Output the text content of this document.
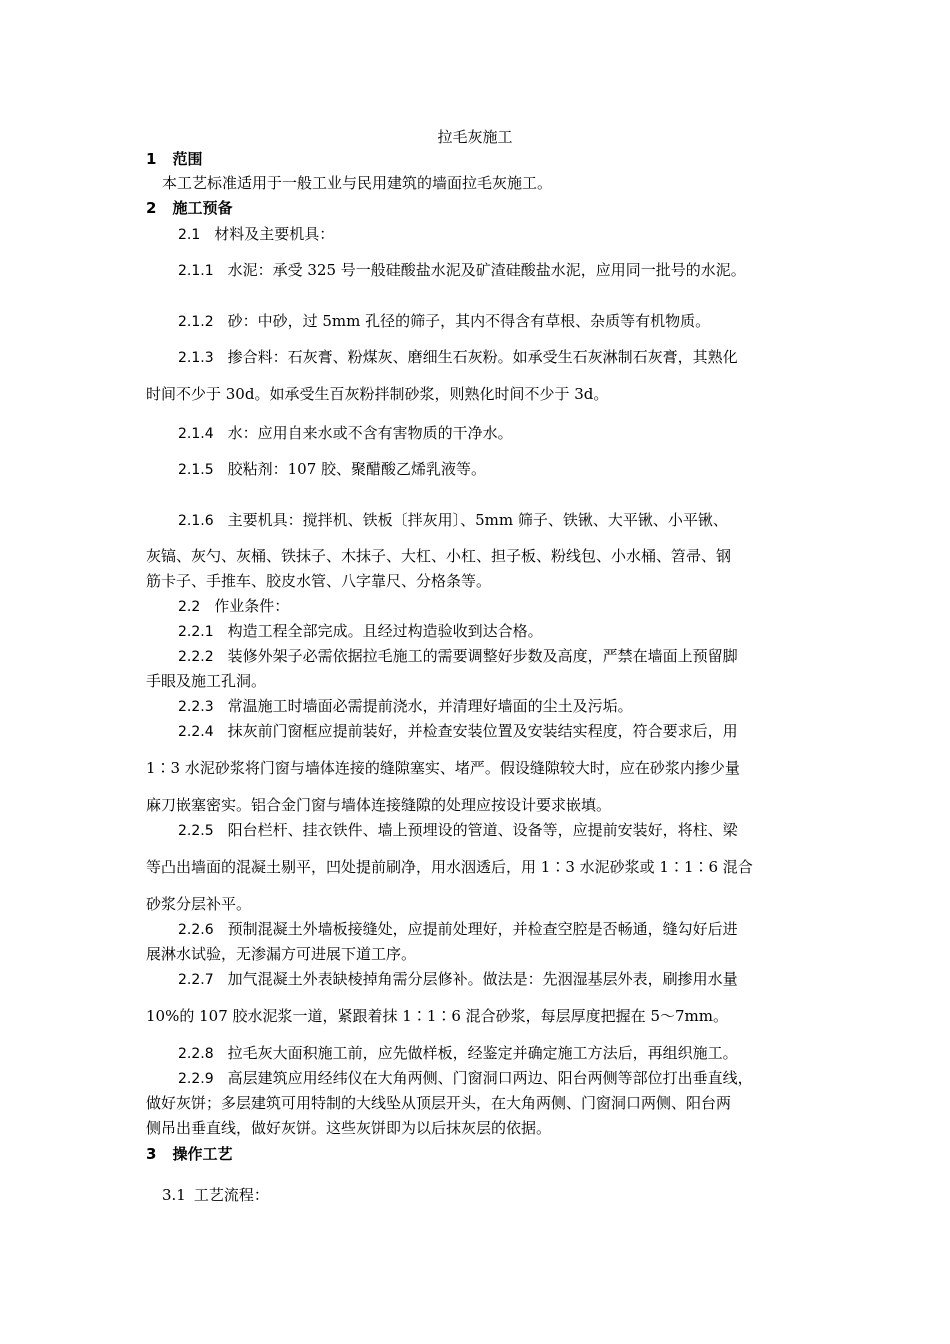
拉毛灰施工

1 范围

本工艺标准适用于一般工业与民用建筑的墙面拉毛灰施工。

2 施工预备

2.1 材料及主要机具：

2.1.1 水泥：承受 325 号一般硅酸盐水泥及矿渣硅酸盐水泥，应用同一批号的水泥。

2.1.2 砂：中砂，过 5mm 孔径的筛子，其内不得含有草根、杂质等有机物质。

2.1.3 掺合料：石灰膏、粉煤灰、磨细生石灰粉。如承受生石灰淋制石灰膏，其熟化

时间不少于 30d。如承受生百灰粉拌制砂浆，则熟化时间不少于 3d。

2.1.4 水：应用自来水或不含有害物质的干净水。

2.1.5 胶粘剂：107 胶、聚醋酸乙烯乳液等。

2.1.6 主要机具：搅拌机、铁板〔拌灰用〕、5mm 筛子、铁锹、大平锹、小平锹、

灰镐、灰勺、灰桶、铁抹子、木抹子、大杠、小杠、担子板、粉线包、小水桶、笤帚、钢

筋卡子、手推车、胶皮水管、八字靠尺、分格条等。

2.2 作业条件：

2.2.1 构造工程全部完成。且经过构造验收到达合格。

2.2.2 装修外架子必需依据拉毛施工的需要调整好步数及高度，严禁在墙面上预留脚

手眼及施工孔洞。

2.2.3 常温施工时墙面必需提前浇水，并清理好墙面的尘土及污垢。

2.2.4 抹灰前门窗框应提前装好，并检查安装位置及安装结实程度，符合要求后，用

1∶3 水泥砂浆将门窗与墙体连接的缝隙塞实、堵严。假设缝隙较大时，应在砂浆内掺少量

麻刀嵌塞密实。铝合金门窗与墙体连接缝隙的处理应按设计要求嵌填。

2.2.5 阳台栏杆、挂衣铁件、墙上预埋设的管道、设备等，应提前安装好，将柱、梁

等凸出墙面的混凝土剔平，凹处提前刷净，用水洇透后，用 1∶3 水泥砂浆或 1∶1∶6 混合

砂浆分层补平。

2.2.6 预制混凝土外墙板接缝处，应提前处理好，并检查空腔是否畅通，缝勾好后进

展淋水试验，无渗漏方可进展下道工序。

2.2.7 加气混凝土外表缺棱掉角需分层修补。做法是：先洇湿基层外表，刷掺用水量

10%的 107 胶水泥浆一道，紧跟着抹 1∶1∶6 混合砂浆，每层厚度把握在 5～7mm。

2.2.8 拉毛灰大面积施工前，应先做样板，经鉴定并确定施工方法后，再组织施工。

2.2.9 高层建筑应用经纬仪在大角两侧、门窗洞口两边、阳台两侧等部位打出垂直线，

做好灰饼；多层建筑可用特制的大线坠从顶层开头，在大角两侧、门窗洞口两侧、阳台两

侧吊出垂直线，做好灰饼。这些灰饼即为以后抹灰层的依据。

3 操作工艺

3.1 工艺流程：
